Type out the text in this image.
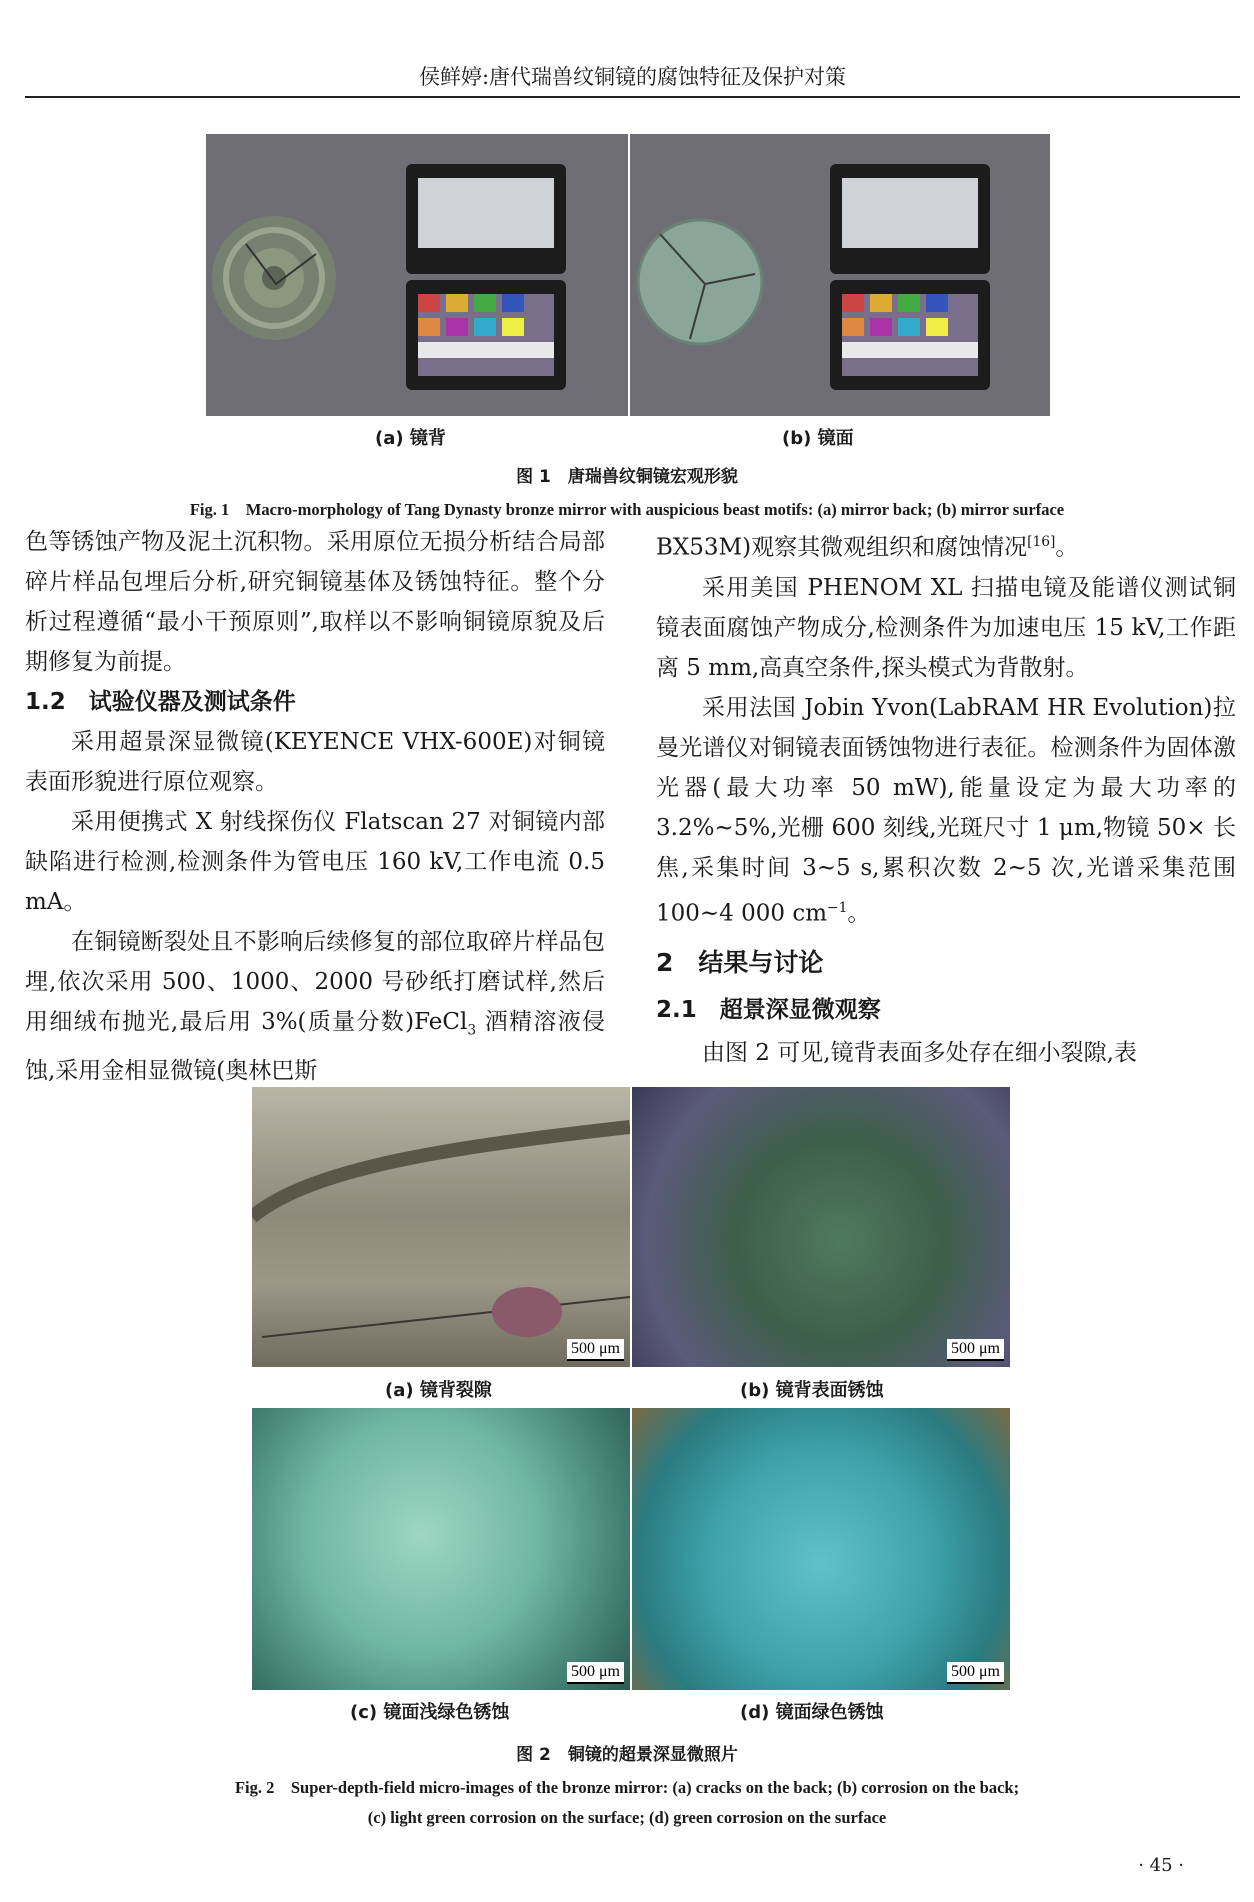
侯鲜婷:唐代瑞兽纹铜镜的腐蚀特征及保护对策
(a) 镜背	(b) 镜面
图 1　唐瑞兽纹铜镜宏观形貌
Fig. 1　Macro-morphology of Tang Dynasty bronze mirror with auspicious beast motifs: (a) mirror back; (b) mirror surface

色等锈蚀产物及泥土沉积物。采用原位无损分析结合局部碎片样品包埋后分析,研究铜镜基体及锈蚀特征。整个分析过程遵循“最小干预原则”,取样以不影响铜镜原貌及后期修复为前提。

1.2　试验仪器及测试条件

采用超景深显微镜(KEYENCE VHX-600E)对铜镜表面形貌进行原位观察。

采用便携式 X 射线探伤仪 Flatscan 27 对铜镜内部缺陷进行检测,检测条件为管电压 160 kV,工作电流 0.5 mA。

在铜镜断裂处且不影响后续修复的部位取碎片样品包埋,依次采用 500、1000、2000 号砂纸打磨试样,然后用细绒布抛光,最后用 3%(质量分数)FeCl$_3$ 酒精溶液侵蚀,采用金相显微镜(奥林巴斯

BX53M)观察其微观组织和腐蚀情况[16]。

采用美国 PHENOM XL 扫描电镜及能谱仪测试铜镜表面腐蚀产物成分,检测条件为加速电压 15 kV,工作距离 5 mm,高真空条件,探头模式为背散射。

采用法国 Jobin Yvon(LabRAM HR Evolution)拉曼光谱仪对铜镜表面锈蚀物进行表征。检测条件为固体激光器(最大功率 50 mW),能量设定为最大功率的 3.2%~5%,光栅 600 刻线,光斑尺寸 1 μm,物镜 50× 长焦,采集时间 3~5 s,累积次数 2~5 次,光谱采集范围 100~4 000 $cm^{-1}$。

2　结果与讨论

2.1　超景深显微观察

由图 2 可见,镜背表面多处存在细小裂隙,表

500 μm	500 μm
(a) 镜背裂隙	(b) 镜背表面锈蚀
500 μm	500 μm
(c) 镜面浅绿色锈蚀	(d) 镜面绿色锈蚀
图 2　铜镜的超景深显微照片
Fig. 2　Super-depth-field micro-images of the bronze mirror: (a) cracks on the back; (b) corrosion on the back;
(c) light green corrosion on the surface; (d) green corrosion on the surface
· 45 ·
